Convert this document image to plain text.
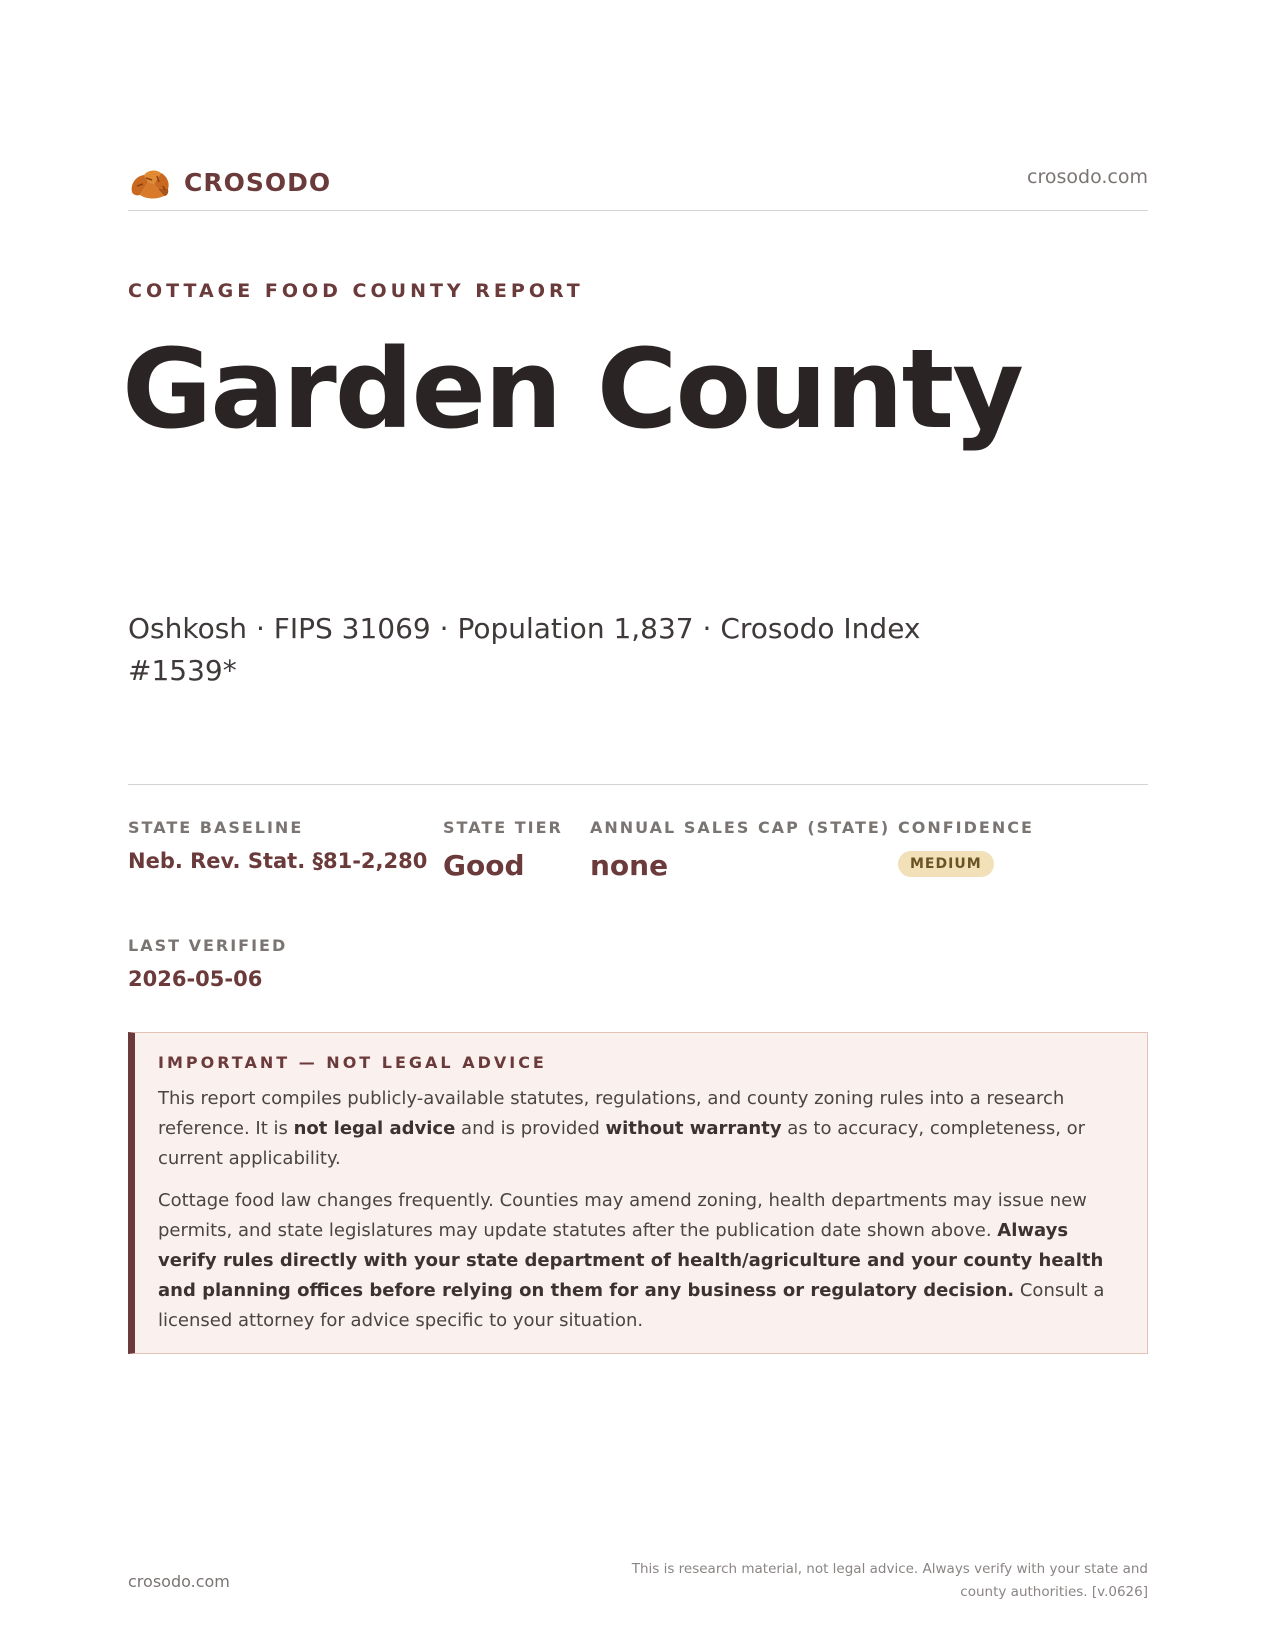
CROSODO	crosodo.com
COTTAGE FOOD COUNTY REPORT
Garden County
Oshkosh · FIPS 31069 · Population 1,837 · Crosodo Index #1539*
STATE BASELINE
Neb. Rev. Stat. §81-2,280
STATE TIER
Good
ANNUAL SALES CAP (STATE)
none
CONFIDENCE
MEDIUM
LAST VERIFIED
2026-05-06
IMPORTANT — NOT LEGAL ADVICE

This report compiles publicly-available statutes, regulations, and county zoning rules into a research reference. It is not legal advice and is provided without warranty as to accuracy, completeness, or current applicability.

Cottage food law changes frequently. Counties may amend zoning, health departments may issue new permits, and state legislatures may update statutes after the publication date shown above. Always verify rules directly with your state department of health/agriculture and your county health and planning offices before relying on them for any business or regulatory decision. Consult a licensed attorney for advice specific to your situation.

crosodo.com
This is research material, not legal advice. Always verify with your state and county authorities. [v.0626]
